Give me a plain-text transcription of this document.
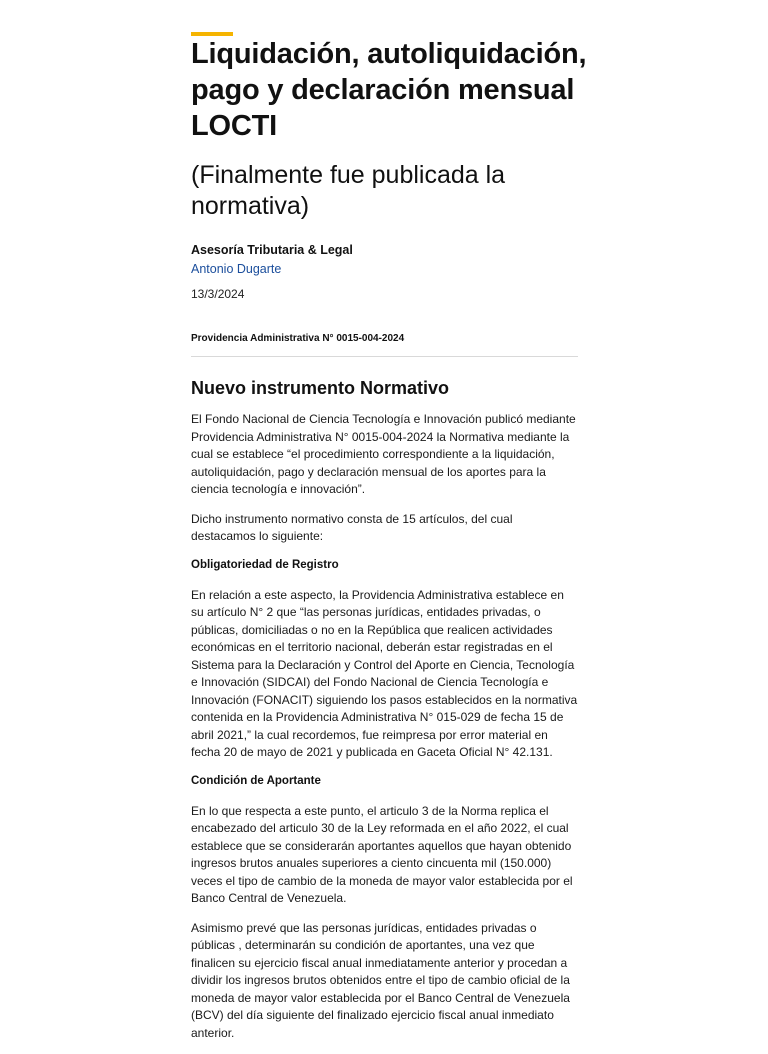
Liquidación, autoliquidación, pago y declaración mensual LOCTI
(Finalmente fue publicada la normativa)
Asesoría Tributaria & Legal
Antonio Dugarte
13/3/2024
Providencia Administrativa N° 0015-004-2024
Nuevo instrumento Normativo

El Fondo Nacional de Ciencia Tecnología e Innovación publicó mediante Providencia Administrativa N° 0015-004-2024 la Normativa mediante la cual se establece “el procedimiento correspondiente a la liquidación, autoliquidación, pago y declaración mensual de los aportes para la ciencia tecnología e innovación”.

Dicho instrumento normativo consta de 15 artículos, del cual destacamos lo siguiente:

Obligatoriedad de Registro

En relación a este aspecto, la Providencia Administrativa establece en su artículo N° 2 que “las personas jurídicas, entidades privadas, o públicas, domiciliadas o no en la República que realicen actividades económicas en el territorio nacional, deberán estar registradas en el Sistema para la Declaración y Control del Aporte en Ciencia, Tecnología e Innovación (SIDCAI) del Fondo Nacional de Ciencia Tecnología e Innovación (FONACIT) siguiendo los pasos establecidos en la normativa contenida en la Providencia Administrativa N° 015-029 de fecha 15 de abril 2021,” la cual recordemos, fue reimpresa por error material en fecha 20 de mayo de 2021 y publicada en Gaceta Oficial N° 42.131.

Condición de Aportante

En lo que respecta a este punto, el articulo 3 de la Norma replica el encabezado del articulo 30 de la Ley reformada en el año 2022, el cual establece que se considerarán aportantes aquellos que hayan obtenido ingresos brutos anuales superiores a ciento cincuenta mil (150.000) veces el tipo de cambio de la moneda de mayor valor establecida por el Banco Central de Venezuela.

Asimismo prevé que las personas jurídicas, entidades privadas o públicas , determinarán su condición de aportantes, una vez que finalicen su ejercicio fiscal anual inmediatamente anterior y procedan a dividir los ingresos brutos obtenidos entre el tipo de cambio oficial de la moneda de mayor valor establecida por el Banco Central de Venezuela (BCV) del día siguiente del finalizado ejercicio fiscal anual inmediato anterior.
